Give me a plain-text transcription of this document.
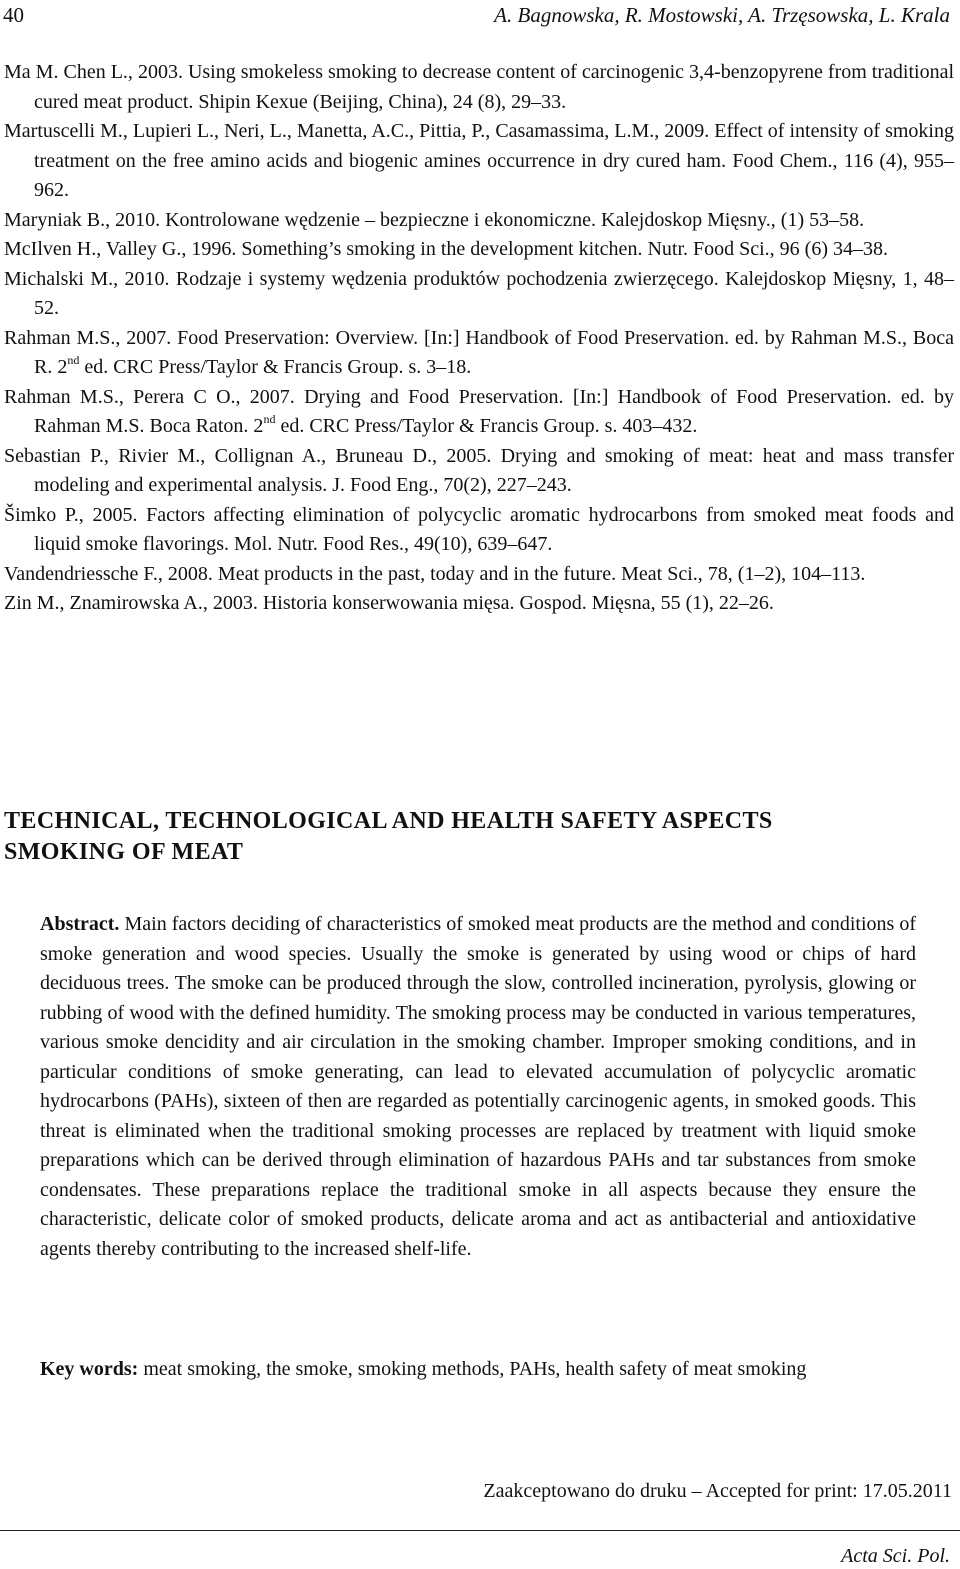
40	A. Bagnowska, R. Mostowski, A. Trzęsowska, L. Krala
Ma M. Chen L., 2003. Using smokeless smoking to decrease content of carcinogenic 3,4-benzopyrene from traditional cured meat product. Shipin Kexue (Beijing, China), 24 (8), 29–33.
Martuscelli M., Lupieri L., Neri, L., Manetta, A.C., Pittia, P., Casamassima, L.M., 2009. Effect of intensity of smoking treatment on the free amino acids and biogenic amines occurrence in dry cured ham. Food Chem., 116 (4), 955–962.
Maryniak B., 2010. Kontrolowane wędzenie – bezpieczne i ekonomiczne. Kalejdoskop Mięsny., (1) 53–58.
McIlven H., Valley G., 1996. Something’s smoking in the development kitchen. Nutr. Food Sci., 96 (6) 34–38.
Michalski M., 2010. Rodzaje i systemy wędzenia produktów pochodzenia zwierzęcego. Kalejdoskop Mięsny, 1, 48–52.
Rahman M.S., 2007. Food Preservation: Overview. [In:] Handbook of Food Preservation. ed. by Rahman M.S., Boca R. 2nd ed. CRC Press/Taylor & Francis Group. s. 3–18.
Rahman M.S., Perera C O., 2007. Drying and Food Preservation. [In:] Handbook of Food Preservation. ed. by Rahman M.S. Boca Raton. 2nd ed. CRC Press/Taylor & Francis Group. s. 403–432.
Sebastian P., Rivier M., Collignan A., Bruneau D., 2005. Drying and smoking of meat: heat and mass transfer modeling and experimental analysis. J. Food Eng., 70(2), 227–243.
Šimko P., 2005. Factors affecting elimination of polycyclic aromatic hydrocarbons from smoked meat foods and liquid smoke flavorings. Mol. Nutr. Food Res., 49(10), 639–647.
Vandendriessche F., 2008. Meat products in the past, today and in the future. Meat Sci., 78, (1–2), 104–113.
Zin M., Znamirowska A., 2003. Historia konserwowania mięsa. Gospod. Mięsna, 55 (1), 22–26.
TECHNICAL, TECHNOLOGICAL AND HEALTH SAFETY ASPECTS
SMOKING OF MEAT
Abstract. Main factors deciding of characteristics of smoked meat products are the method and conditions of smoke generation and wood species. Usually the smoke is generated by using wood or chips of hard deciduous trees. The smoke can be produced through the slow, controlled incineration, pyrolysis, glowing or rubbing of wood with the defined humidity. The smoking process may be conducted in various temperatures, various smoke dencidity and air circulation in the smoking chamber. Improper smoking conditions, and in particular conditions of smoke generating, can lead to elevated accumulation of polycyclic aromatic hydrocarbons (PAHs), sixteen of then are regarded as potentially carcinogenic agents, in smoked goods. This threat is eliminated when the traditional smoking processes are replaced by treatment with liquid smoke preparations which can be derived through elimination of hazardous PAHs and tar substances from smoke condensates. These preparations replace the traditional smoke in all aspects because they ensure the characteristic, delicate color of smoked products, delicate aroma and act as antibacterial and antioxidative agents thereby contributing to the increased shelf-life.
Key words: meat smoking, the smoke, smoking methods, PAHs, health safety of meat smoking
Zaakceptowano do druku – Accepted for print: 17.05.2011
Acta Sci. Pol.
